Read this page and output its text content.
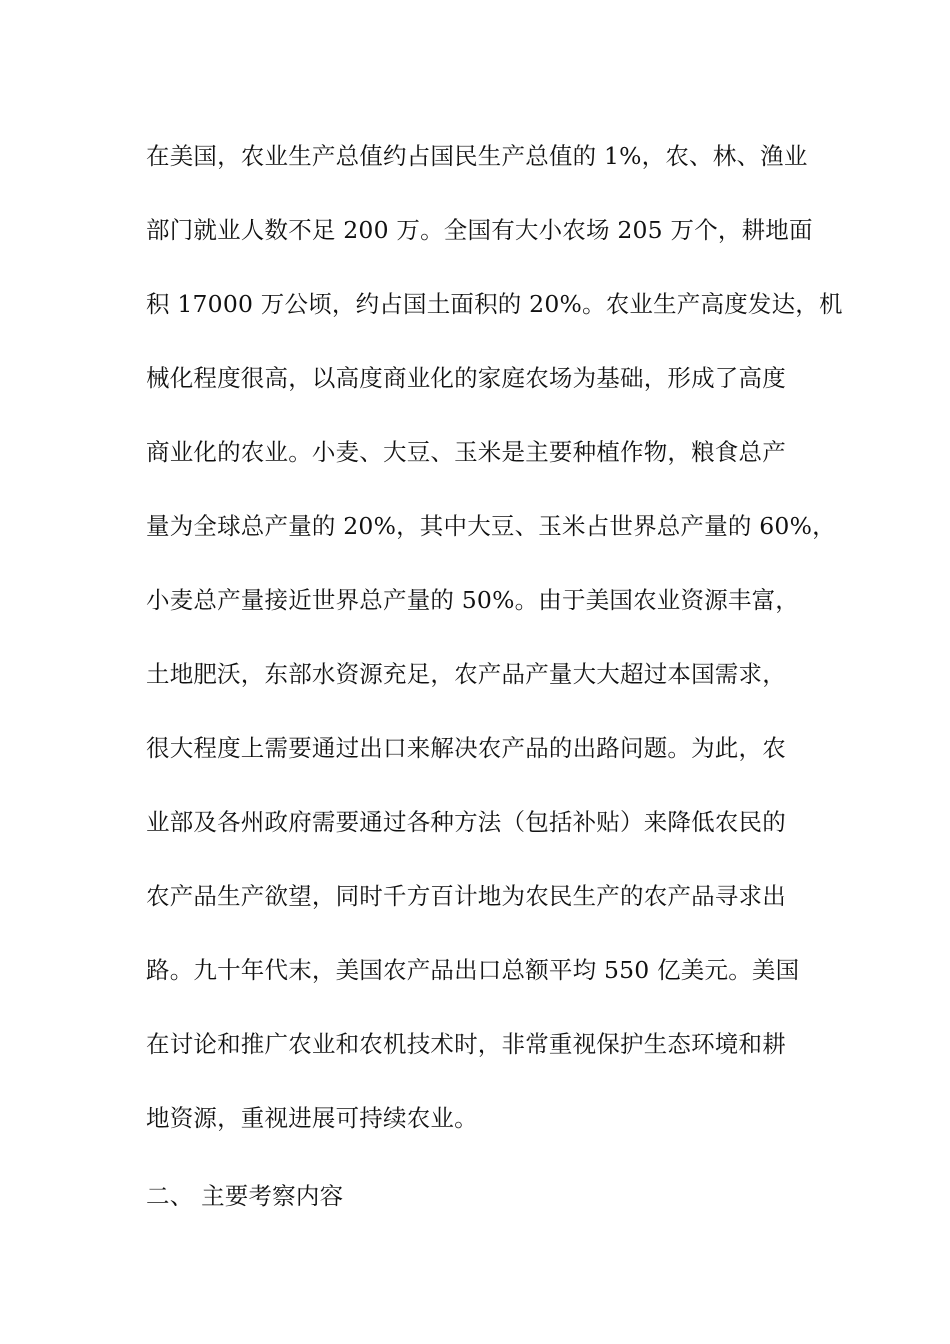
在美国，农业生产总值约占国民生产总值的 1%，农、林、渔业
部门就业人数不足 200 万。全国有大小农场 205 万个，耕地面
积 17000 万公顷，约占国土面积的 20%。农业生产高度发达，机
械化程度很高，以高度商业化的家庭农场为基础，形成了高度
商业化的农业。小麦、大豆、玉米是主要种植作物，粮食总产
量为全球总产量的 20%，其中大豆、玉米占世界总产量的 60%，
小麦总产量接近世界总产量的 50%。由于美国农业资源丰富，
土地肥沃，东部水资源充足，农产品产量大大超过本国需求，
很大程度上需要通过出口来解决农产品的出路问题。为此，农
业部及各州政府需要通过各种方法（包括补贴）来降低农民的
农产品生产欲望，同时千方百计地为农民生产的农产品寻求出
路。九十年代末，美国农产品出口总额平均 550 亿美元。美国
在讨论和推广农业和农机技术时，非常重视保护生态环境和耕
地资源，重视进展可持续农业。
二、 主要考察内容
